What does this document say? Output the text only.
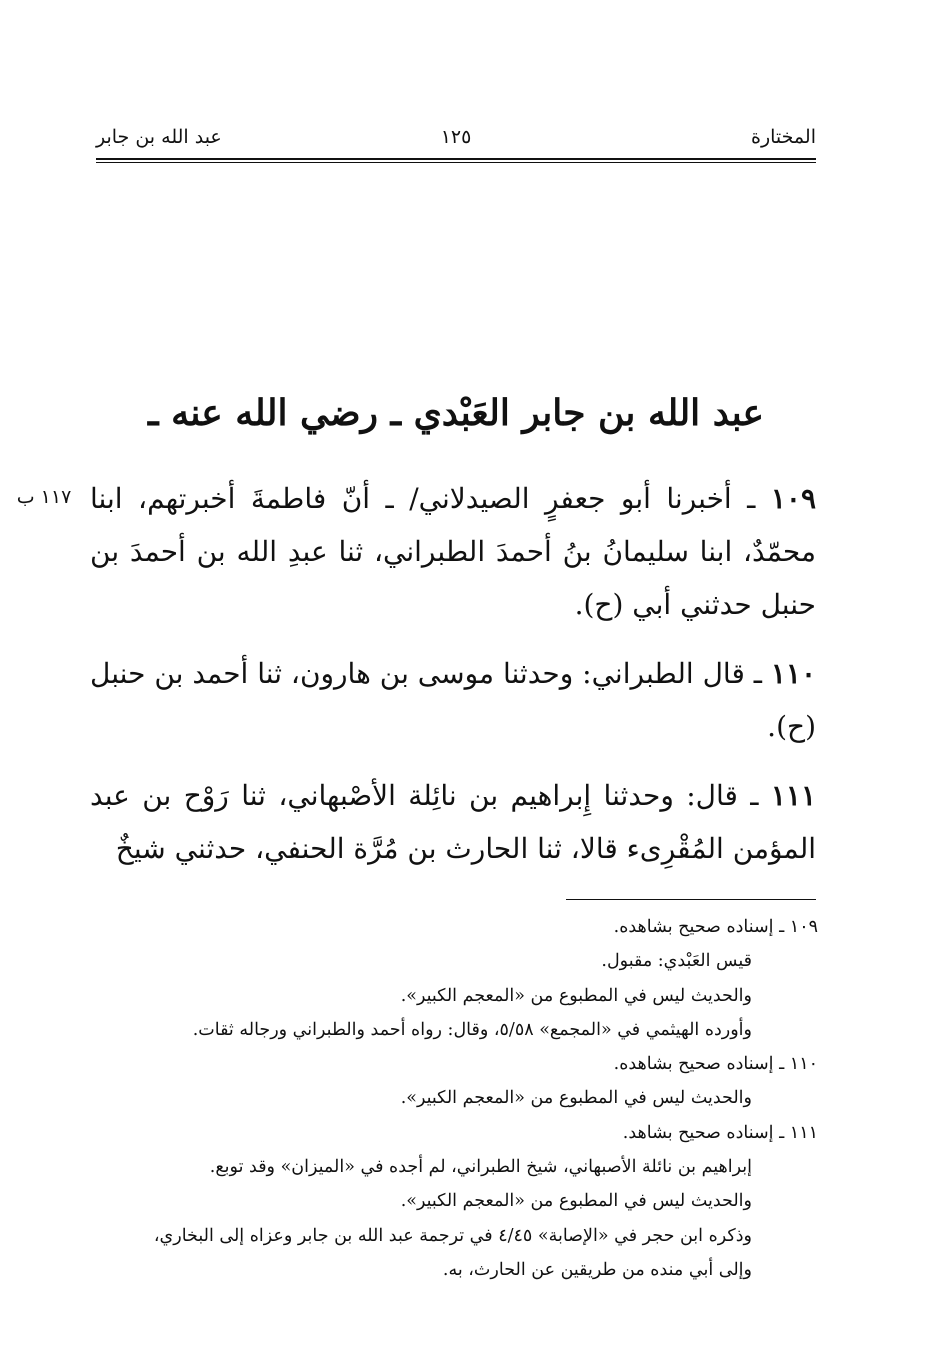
المختارة
١٢٥
عبد الله بن جابر
عبد الله بن جابر العَبْدي ـ رضي الله عنه ـ
١١٧ ب	١٠٩ ـ أخبرنا أبو جعفرٍ الصيدلاني/ ـ أنّ فاطمةَ أخبرتهم، ابنا محمّدٌ، ابنا سليمانُ بنُ أحمدَ الطبراني، ثنا عبدِ الله بن أحمدَ بن حنبل حدثني أبي (ح).

١١٠ ـ قال الطبراني: وحدثنا موسى بن هارون، ثنا أحمد بن حنبل (ح).

١١١ ـ قال: وحدثنا إِبراهيم بن نائِلة الأصْبهاني، ثنا رَوْح بن عبد المؤمن المُقْرِىء قالا، ثنا الحارث بن مُرَّة الحنفي، حدثني شيخٌ

١٠٩ ـ إسناده صحيح بشاهده.
قيس العَبْدي: مقبول.
والحديث ليس في المطبوع من «المعجم الكبير».
وأورده الهيثمي في «المجمع» ٥/٥٨، وقال: رواه أحمد والطبراني ورجاله ثقات.
١١٠ ـ إسناده صحيح بشاهده.
والحديث ليس في المطبوع من «المعجم الكبير».
١١١ ـ إسناده صحيح بشاهد.
إبراهيم بن نائلة الأصبهاني، شيخ الطبراني، لم أجده في «الميزان» وقد توبع.
والحديث ليس في المطبوع من «المعجم الكبير».
وذكره ابن حجر في «الإصابة» ٤/٤٥ في ترجمة عبد الله بن جابر وعزاه إلى البخاري،
وإلى أبي منده من طريقين عن الحارث، به.
